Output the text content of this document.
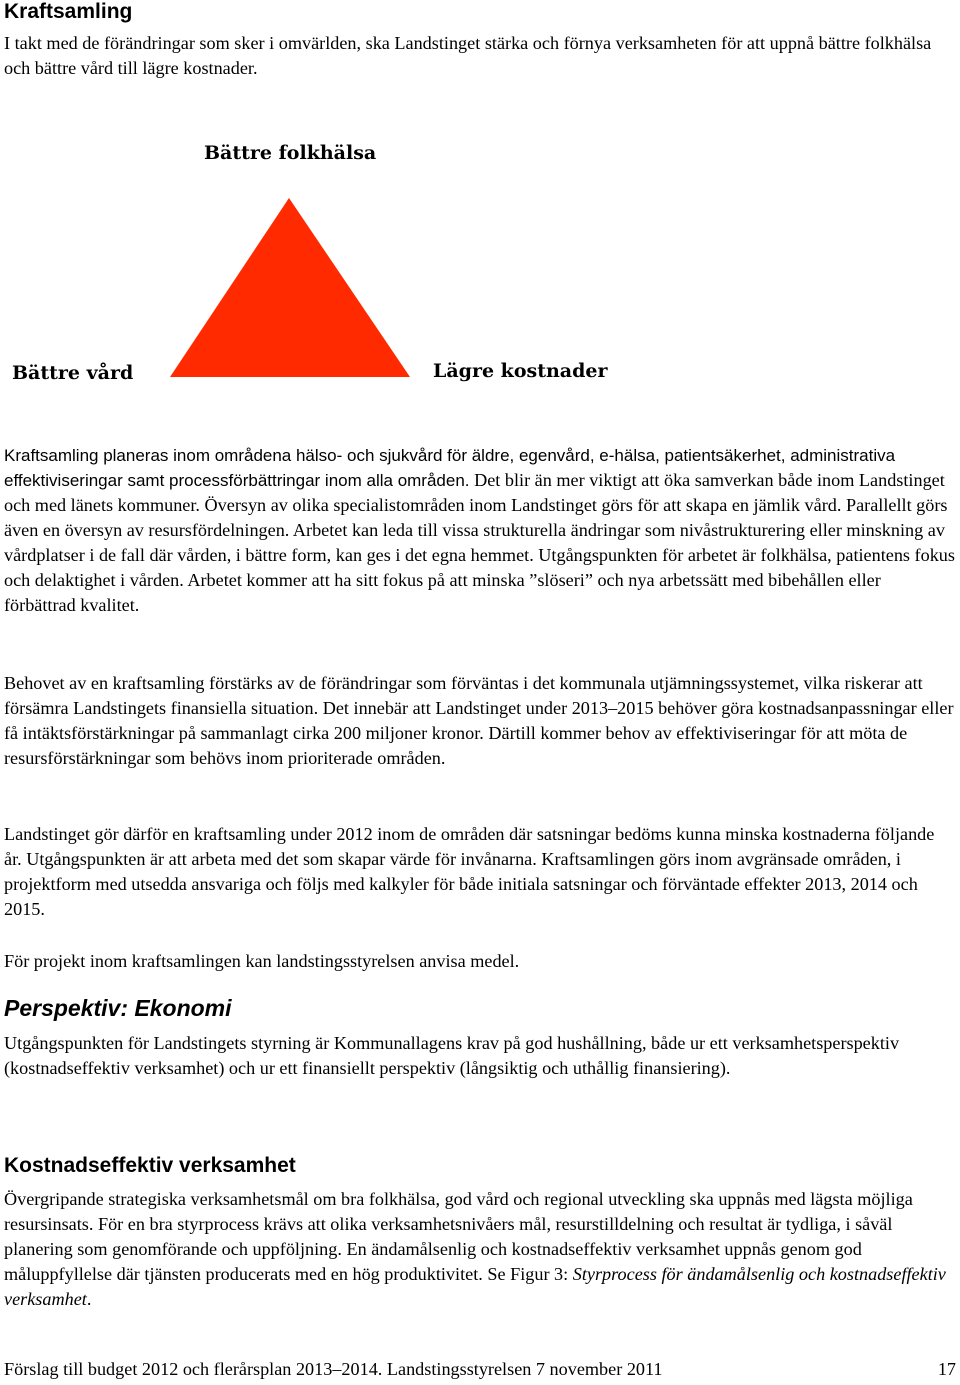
Kraftsamling

I takt med de förändringar som sker i omvärlden, ska Landstinget stärka och förnya verksamheten för att uppnå bättre folkhälsa och bättre vård till lägre kostnader.

Bättre folkhälsa
Bättre vård	Lägre kostnader

Kraftsamling planeras inom områdena hälso- och sjukvård för äldre, egenvård, e-hälsa, patientsäkerhet, administrativa effektiviseringar samt processförbättringar inom alla områden. Det blir än mer viktigt att öka samverkan både inom Landstinget och med länets kommuner. Översyn av olika specialistområden inom Landstinget görs för att skapa en jämlik vård. Parallellt görs även en översyn av resursfördelningen. Arbetet kan leda till vissa strukturella ändringar som nivåstrukturering eller minskning av vårdplatser i de fall där vården, i bättre form, kan ges i det egna hemmet. Utgångspunkten för arbetet är folkhälsa, patientens fokus och delaktighet i vården. Arbetet kommer att ha sitt fokus på att minska ”slöseri” och nya arbetssätt med bibehållen eller förbättrad kvalitet.

Behovet av en kraftsamling förstärks av de förändringar som förväntas i det kommunala utjämningssystemet, vilka riskerar att försämra Landstingets finansiella situation. Det innebär att Landstinget under 2013–2015 behöver göra kostnadsanpassningar eller få intäktsförstärkningar på sammanlagt cirka 200 miljoner kronor. Därtill kommer behov av effektiviseringar för att möta de resursförstärkningar som behövs inom prioriterade områden.

Landstinget gör därför en kraftsamling under 2012 inom de områden där satsningar bedöms kunna minska kostnaderna följande år. Utgångspunkten är att arbeta med det som skapar värde för invånarna. Kraftsamlingen görs inom avgränsade områden, i projektform med utsedda ansvariga och följs med kalkyler för både initiala satsningar och förväntade effekter 2013, 2014 och 2015.

För projekt inom kraftsamlingen kan landstingsstyrelsen anvisa medel.

Perspektiv: Ekonomi

Utgångspunkten för Landstingets styrning är Kommunallagens krav på god hushållning, både ur ett verksamhetsperspektiv (kostnadseffektiv verksamhet) och ur ett finansiellt perspektiv (långsiktig och uthållig finansiering).

Kostnadseffektiv verksamhet

Övergripande strategiska verksamhetsmål om bra folkhälsa, god vård och regional utveckling ska uppnås med lägsta möjliga resursinsats. För en bra styrprocess krävs att olika verksamhetsnivåers mål, resurstilldelning och resultat är tydliga, i såväl planering som genomförande och uppföljning. En ändamålsenlig och kostnadseffektiv verksamhet uppnås genom god måluppfyllelse där tjänsten producerats med en hög produktivitet. Se Figur 3: Styrprocess för ändamålsenlig och kostnadseffektiv verksamhet.

Förslag till budget 2012 och flerårsplan 2013–2014. Landstingsstyrelsen 7 november 2011	17
